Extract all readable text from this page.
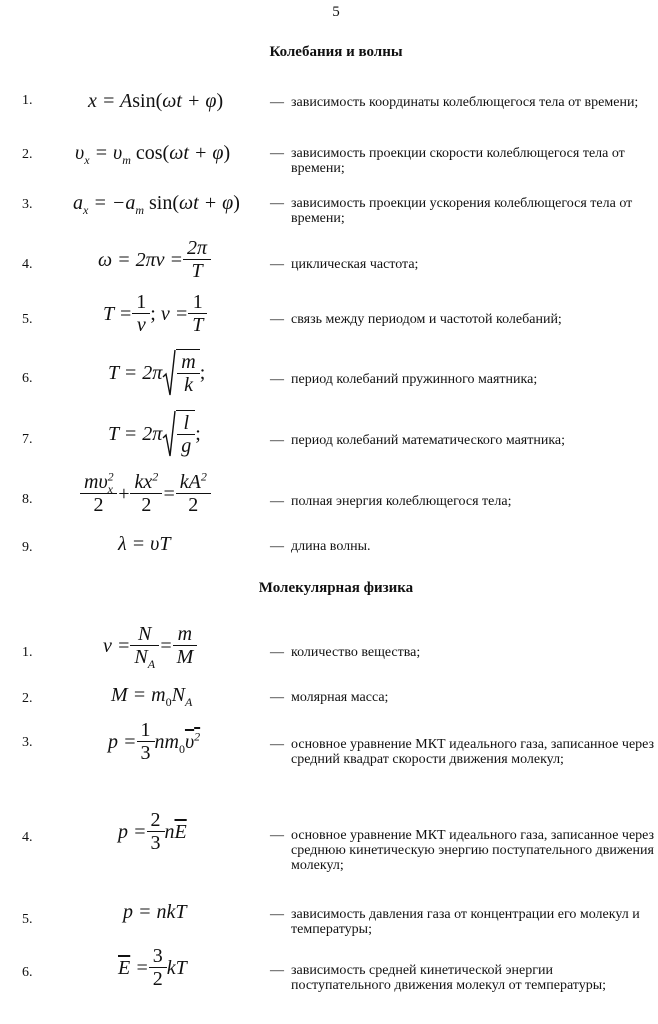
5
Колебания и волны
1.	x = Asin(ωt + φ)	— зависимость координаты колеблющегося тела от времени;
2. $\upsilon_x = \upsilon_m$ cos(ωt + φ)	— зависимость проекции скорости колеблющегося тела от времени;
3. $a_x = -a_m$ sin(ωt + φ) — зависимость проекции ускорения колеблющегося тела от времени;
4.	$\omega = 2\pi\nu = \frac{2\pi}{T}$	— циклическая частота;
5.	$T = \frac{1}{\nu}$ ; $\nu = \frac{1}{T}$	— связь между периодом и частотой колебаний;
6.	$T = 2\pi \frac{m}{k}$ ;	— период колебаний пружинного маятника;
7.	$T = 2\pi \frac{l}{g}$ ;	— период колебаний математического маятника;
8. $\frac{m\upsilon^2_x}{2} + \frac{kx^2}{2} = \frac{kA^2}{2}$	— полная энергия колеблющегося тела;
9.	λ = υT	— длина волны.
Молекулярная физика
1.	$\nu = \frac{N}{N_A} = \frac{m}{M}$	— количество вещества;
2.	$M = m_0N_A$	— молярная масса;
3.	$p = \frac{1}{3} nm_0\upsilon^2$
— основное уравнение МКТ идеального газа, записанное через средний квадрат скорости движения молекул;
4.	$p = \frac{2}{3} n\overline{E}$	— основное уравнение МКТ идеального газа, записанное через среднюю кинетическую энергию поступательного движения молекул;
5.	p = nkT	— зависимость давления газа от концентрации его молекул и температуры;
6.	$\overline{E} = \frac{3}{2}$ kT	— зависимость средней кинетической энергии поступательного движения молекул от температуры;
